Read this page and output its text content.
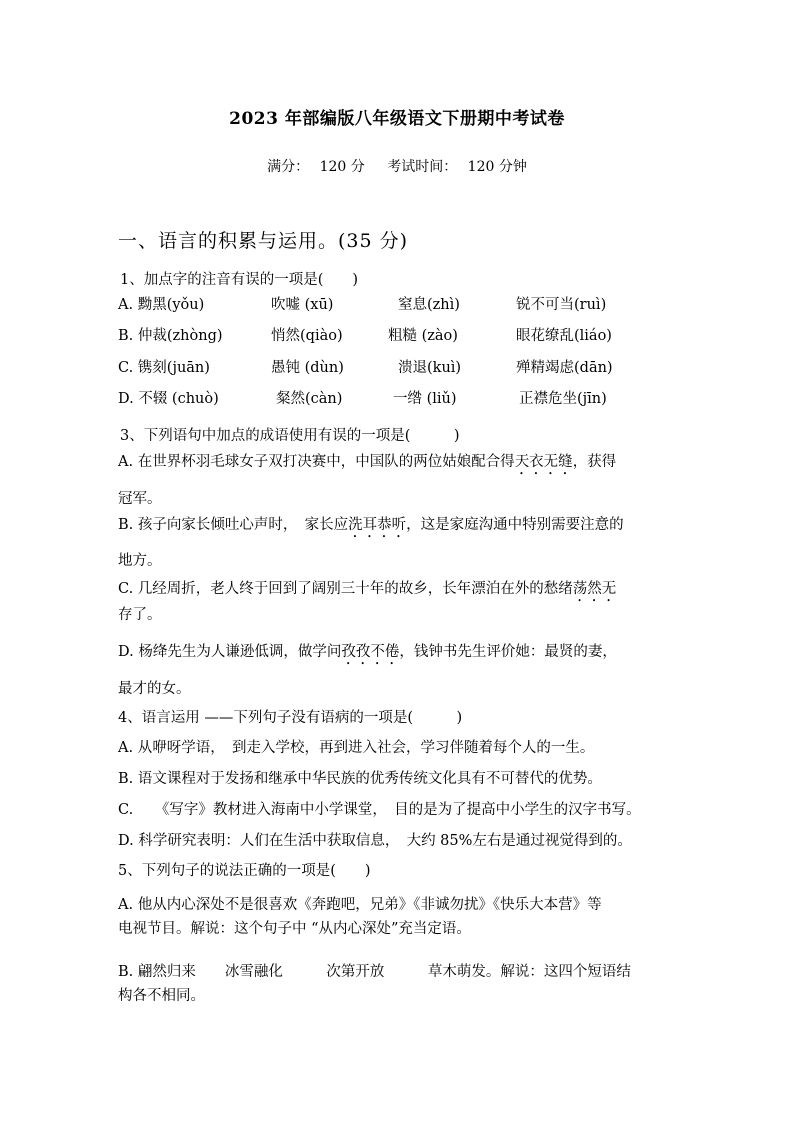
2023 年部编版八年级语文下册期中考试卷
满分： 120 分 考试时间： 120 分钟
一、语言的积累与运用。(35 分)
1、加点字的注音有误的一项是(　　)
A. 黝黑(yǒu)	吹嘘 (xū)	窒息(zhì)	锐不可当(ruì)
B. 仲裁(zhòng)	悄然(qiào)	粗糙 (zào)	眼花缭乱(liáo)
C. 镌刻(juān)	愚钝 (dùn)	溃退(kuì)	殚精竭虑(dān)
D. 不辍 (chuò)	粲然(càn)	一绺 (liǔ)	正襟危坐(jīn)
3、下列语句中加点的成语使用有误的一项是(　　　)
A. 在世界杯羽毛球女子双打决赛中，中国队的两位姑娘配合得天衣无缝，获得
冠军。
B. 孩子向家长倾吐心声时，　家长应洗耳恭听，这是家庭沟通中特别需要注意的
地方。
C. 几经周折，老人终于回到了阔别三十年的故乡，长年漂泊在外的愁绪荡然无
存了。
D. 杨绛先生为人谦逊低调，做学问孜孜不倦，钱钟书先生评价她：最贤的妻，
最才的女。
4、语言运用 ——下列句子没有语病的一项是(　　　)
A. 从咿呀学语，　到走入学校，再到进入社会，学习伴随着每个人的一生。
B. 语文课程对于发扬和继承中华民族的优秀传统文化具有不可替代的优势。
C.　　《写字》教材进入海南中小学课堂，　目的是为了提高中小学生的汉字书写。
D. 科学研究表明：人们在生活中获取信息，　大约 85%左右是通过视觉得到的。
5、下列句子的说法正确的一项是(　　)
A. 他从内心深处不是很喜欢《奔跑吧，兄弟》《非诚勿扰》《快乐大本营》等
电视节目。解说：这个句子中 “从内心深处”充当定语。
B. 翩然归来　　冰雪融化　　　次第开放　　　草木萌发。解说：这四个短语结
构各不相同。
